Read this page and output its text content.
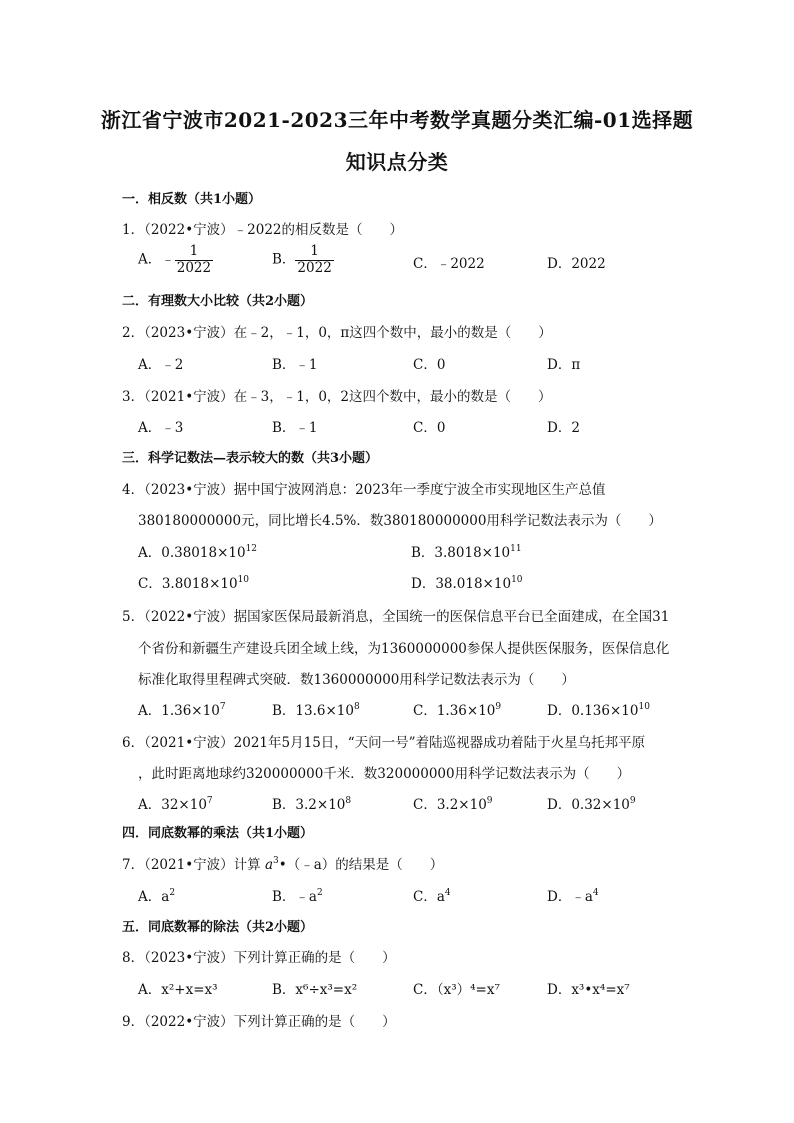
浙江省宁波市2021-2023三年中考数学真题分类汇编-01选择题
知识点分类
一．相反数（共1小题）
1．（2022•宁波）﹣2022的相反数是（　　）
A．﹣ $\frac{1}{2022}$	B． $\frac{1}{2022}$	C．﹣2022	D．2022
二．有理数大小比较（共2小题）
2．（2023•宁波）在﹣2，﹣1，0，π这四个数中，最小的数是（　　）
A．﹣2	B．﹣1	C．0	D．π
3．（2021•宁波）在﹣3，﹣1，0，2这四个数中，最小的数是（　　）
A．﹣3	B．﹣1	C．0	D．2
三．科学记数法—表示较大的数（共3小题）
4．（2023•宁波）据中国宁波网消息：2023年一季度宁波全市实现地区生产总值
380180000000元，同比增长4.5%．数380180000000用科学记数法表示为（　　）
A．$0.38018\times 10^{12}$	B．$3.8018\times 10^{11}$
C．$3.8018\times 10^{10}$	D．$38.018\times 10^{10}$
5．（2022•宁波）据国家医保局最新消息，全国统一的医保信息平台已全面建成，在全国31
个省份和新疆生产建设兵团全域上线，为1360000000参保人提供医保服务，医保信息化
标准化取得里程碑式突破．数1360000000用科学记数法表示为（　　）
A．$1.36\times 10^7$	B．$13.6\times 10^8$	C．$1.36\times 10^9$	D．$0.136\times 10^{10}$
6．（2021•宁波）2021年5月15日，“天问一号”着陆巡视器成功着陆于火星乌托邦平原
，此时距离地球约320000000千米．数320000000用科学记数法表示为（　　）
A．$32\times 10^7$	B．$3.2\times 10^8$	C．$3.2\times 10^9$	D．$0.32\times 10^9$
四．同底数幂的乘法（共1小题）
7．（2021•宁波）计算 $a^3•(﹣a)$的结果是（　　）
A．$a^2$	B．$﹣a^2$	C．$a^4$	D．$﹣a^4$
五．同底数幂的除法（共2小题）
8．（2023•宁波）下列计算正确的是（　　）
A．x²+x=x³	B．x⁶÷x³=x²	C．（x³）⁴=x⁷	D．x³•x⁴=x⁷
9．（2022•宁波）下列计算正确的是（　　）
